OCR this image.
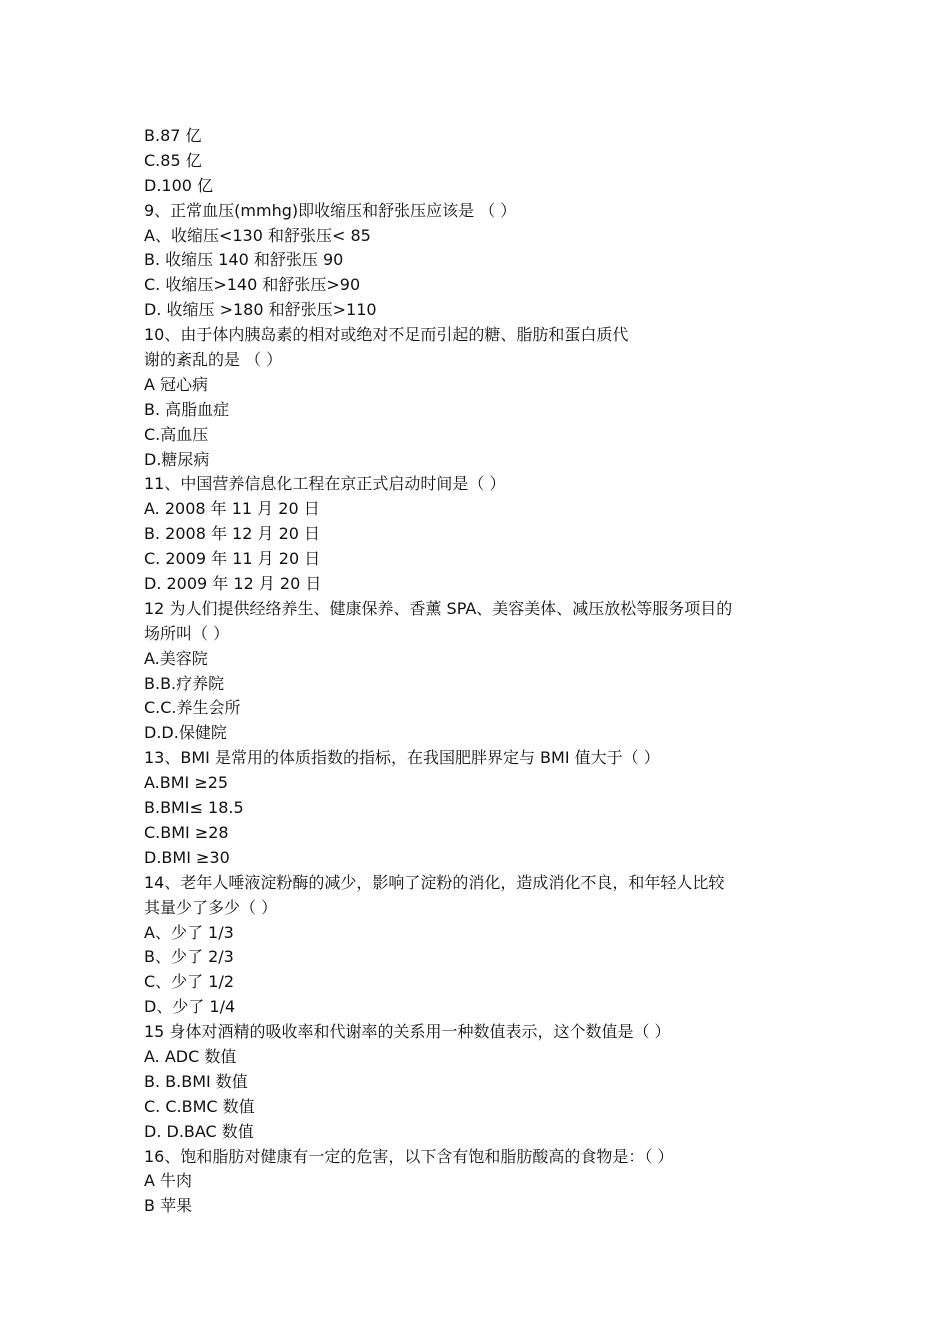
B.87 亿
C.85 亿
D.100 亿
9、正常血压(mmhg)即收缩压和舒张压应该是 （ ）
A、收缩压<130 和舒张压< 85
B. 收缩压 140 和舒张压 90
C. 收缩压>140 和舒张压>90
D. 收缩压 >180 和舒张压>110
10、由于体内胰岛素的相对或绝对不足而引起的糖、脂肪和蛋白质代
谢的紊乱的是 （ ）
A 冠心病
B. 高脂血症
C.高血压
D.糖尿病
11、中国营养信息化工程在京正式启动时间是（ ）
A. 2008 年 11 月 20 日
B. 2008 年 12 月 20 日
C. 2009 年 11 月 20 日
D. 2009 年 12 月 20 日
12 为人们提供经络养生、健康保养、香薰 SPA、美容美体、减压放松等服务项目的
场所叫（ ）
A.美容院
B.B.疗养院
C.C.养生会所
D.D.保健院
13、BMI 是常用的体质指数的指标，在我国肥胖界定与 BMI 值大于（ ）
A.BMI ≥25
B.BMI≤ 18.5
C.BMI ≥28
D.BMI ≥30
14、老年人唾液淀粉酶的减少，影响了淀粉的消化，造成消化不良，和年轻人比较
其量少了多少（ ）
A、少了 1/3
B、少了 2/3
C、少了 1/2
D、少了 1/4
15 身体对酒精的吸收率和代谢率的关系用一种数值表示，这个数值是（ ）
A. ADC 数值
B. B.BMI 数值
C. C.BMC 数值
D. D.BAC 数值
16、饱和脂肪对健康有一定的危害，以下含有饱和脂肪酸高的食物是：（ ）
A 牛肉
B 苹果
